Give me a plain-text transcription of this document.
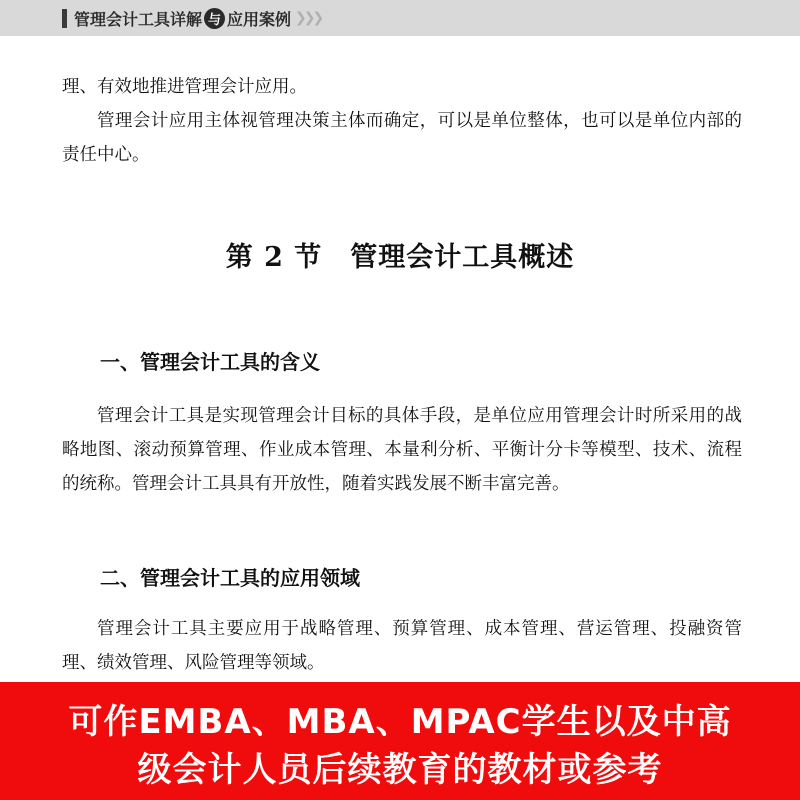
管理会计工具详解 与 应用案例 ❯❯❯

理、有效地推进管理会计应用。

管理会计应用主体视管理决策主体而确定，可以是单位整体，也可以是单位内部的责任中心。

第 2 节　管理会计工具概述
一、管理会计工具的含义

管理会计工具是实现管理会计目标的具体手段，是单位应用管理会计时所采用的战略地图、滚动预算管理、作业成本管理、本量利分析、平衡计分卡等模型、技术、流程的统称。管理会计工具具有开放性，随着实践发展不断丰富完善。

二、管理会计工具的应用领域

管理会计工具主要应用于战略管理、预算管理、成本管理、营运管理、投融资管理、绩效管理、风险管理等领域。

可作EMBA、MBA、MPAC学生以及中高
级会计人员后续教育的教材或参考
